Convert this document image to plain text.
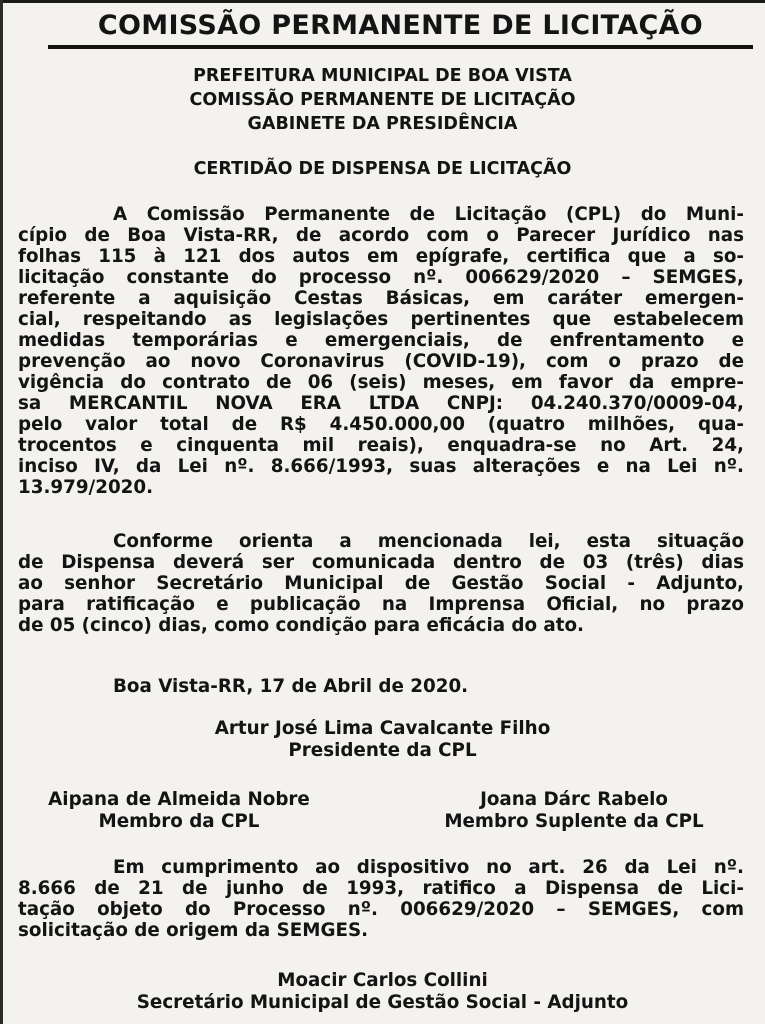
COMISSÃO PERMANENTE DE LICITAÇÃO
PREFEITURA MUNICIPAL DE BOA VISTA
COMISSÃO PERMANENTE DE LICITAÇÃO
GABINETE DA PRESIDÊNCIA
CERTIDÃO DE DISPENSA DE LICITAÇÃO
A Comissão Permanente de Licitação (CPL) do Muni-
cípio de Boa Vista-RR, de acordo com o Parecer Jurídico nas
folhas 115 à 121 dos autos em epígrafe, certifica que a so-
licitação constante do processo nº. 006629/2020 – SEMGES,
referente a aquisição Cestas Básicas, em caráter emergen-
cial, respeitando as legislações pertinentes que estabelecem
medidas temporárias e emergenciais, de enfrentamento e
prevenção ao novo Coronavirus (COVID-19), com o prazo de
vigência do contrato de 06 (seis) meses, em favor da empre-
sa MERCANTIL NOVA ERA LTDA CNPJ: 04.240.370/0009-04,
pelo valor total de R$ 4.450.000,00 (quatro milhões, qua-
trocentos e cinquenta mil reais), enquadra-se no Art. 24,
inciso IV, da Lei nº. 8.666/1993, suas alterações e na Lei nº.
13.979/2020.
Conforme orienta a mencionada lei, esta situação
de Dispensa deverá ser comunicada dentro de 03 (três) dias
ao senhor Secretário Municipal de Gestão Social - Adjunto,
para ratificação e publicação na Imprensa Oficial, no prazo
de 05 (cinco) dias, como condição para eficácia do ato.
Boa Vista-RR, 17 de Abril de 2020.
Artur José Lima Cavalcante Filho
Presidente da CPL
Aipana de Almeida Nobre
Membro da CPL
Joana Dárc Rabelo
Membro Suplente da CPL
Em cumprimento ao dispositivo no art. 26 da Lei nº.
8.666 de 21 de junho de 1993, ratifico a Dispensa de Lici-
tação objeto do Processo nº. 006629/2020 – SEMGES, com
solicitação de origem da SEMGES.
Moacir Carlos Collini
Secretário Municipal de Gestão Social - Adjunto
